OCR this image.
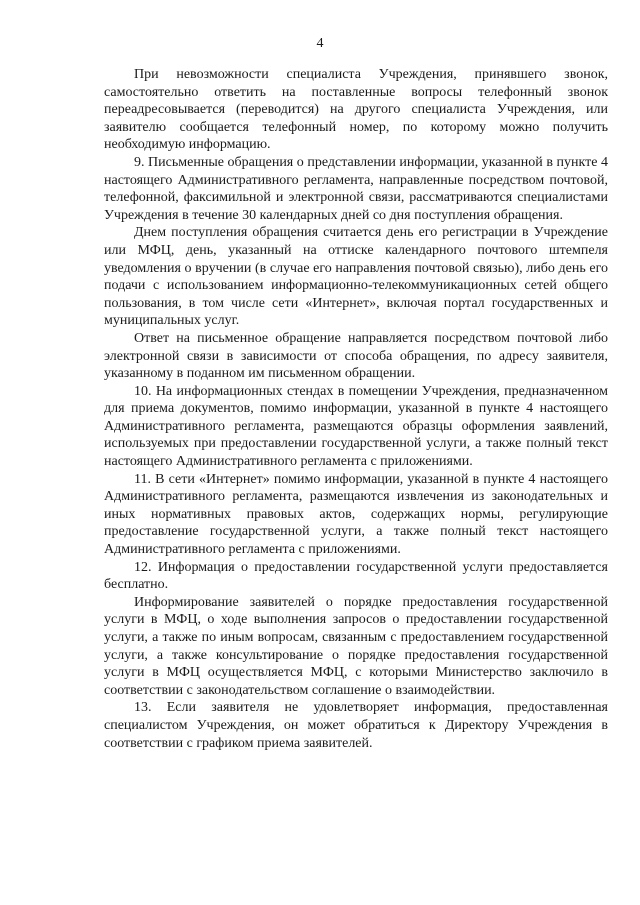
4

При невозможности специалиста Учреждения, принявшего звонок, самостоятельно ответить на поставленные вопросы телефонный звонок переадресовывается (переводится) на другого специалиста Учреждения, или заявителю сообщается телефонный номер, по которому можно получить необходимую информацию.

9. Письменные обращения о представлении информации, указанной в пункте 4 настоящего Административного регламента, направленные посредством почтовой, телефонной, факсимильной и электронной связи, рассматриваются специалистами Учреждения в течение 30 календарных дней со дня поступления обращения.

Днем поступления обращения считается день его регистрации в Учреждение или МФЦ, день, указанный на оттиске календарного почтового штемпеля уведомления о вручении (в случае его направления почтовой связью), либо день его подачи с использованием информационно-телекоммуникационных сетей общего пользования, в том числе сети «Интернет», включая портал государственных и муниципальных услуг.

Ответ на письменное обращение направляется посредством почтовой либо электронной связи в зависимости от способа обращения, по адресу заявителя, указанному в поданном им письменном обращении.

10. На информационных стендах в помещении Учреждения, предназначенном для приема документов, помимо информации, указанной в пункте 4 настоящего Административного регламента, размещаются образцы оформления заявлений, используемых при предоставлении государственной услуги, а также полный текст настоящего Административного регламента с приложениями.

11. В сети «Интернет» помимо информации, указанной в пункте 4 настоящего Административного регламента, размещаются извлечения из законодательных и иных нормативных правовых актов, содержащих нормы, регулирующие предоставление государственной услуги, а также полный текст настоящего Административного регламента с приложениями.

12. Информация о предоставлении государственной услуги предоставляется бесплатно.

Информирование заявителей о порядке предоставления государственной услуги в МФЦ, о ходе выполнения запросов о предоставлении государственной услуги, а также по иным вопросам, связанным с предоставлением государственной услуги, а также консультирование о порядке предоставления государственной услуги в МФЦ осуществляется МФЦ, с которыми Министерство заключило в соответствии с законодательством соглашение о взаимодействии.

13. Если заявителя не удовлетворяет информация, предоставленная специалистом Учреждения, он может обратиться к Директору Учреждения в соответствии с графиком приема заявителей.
